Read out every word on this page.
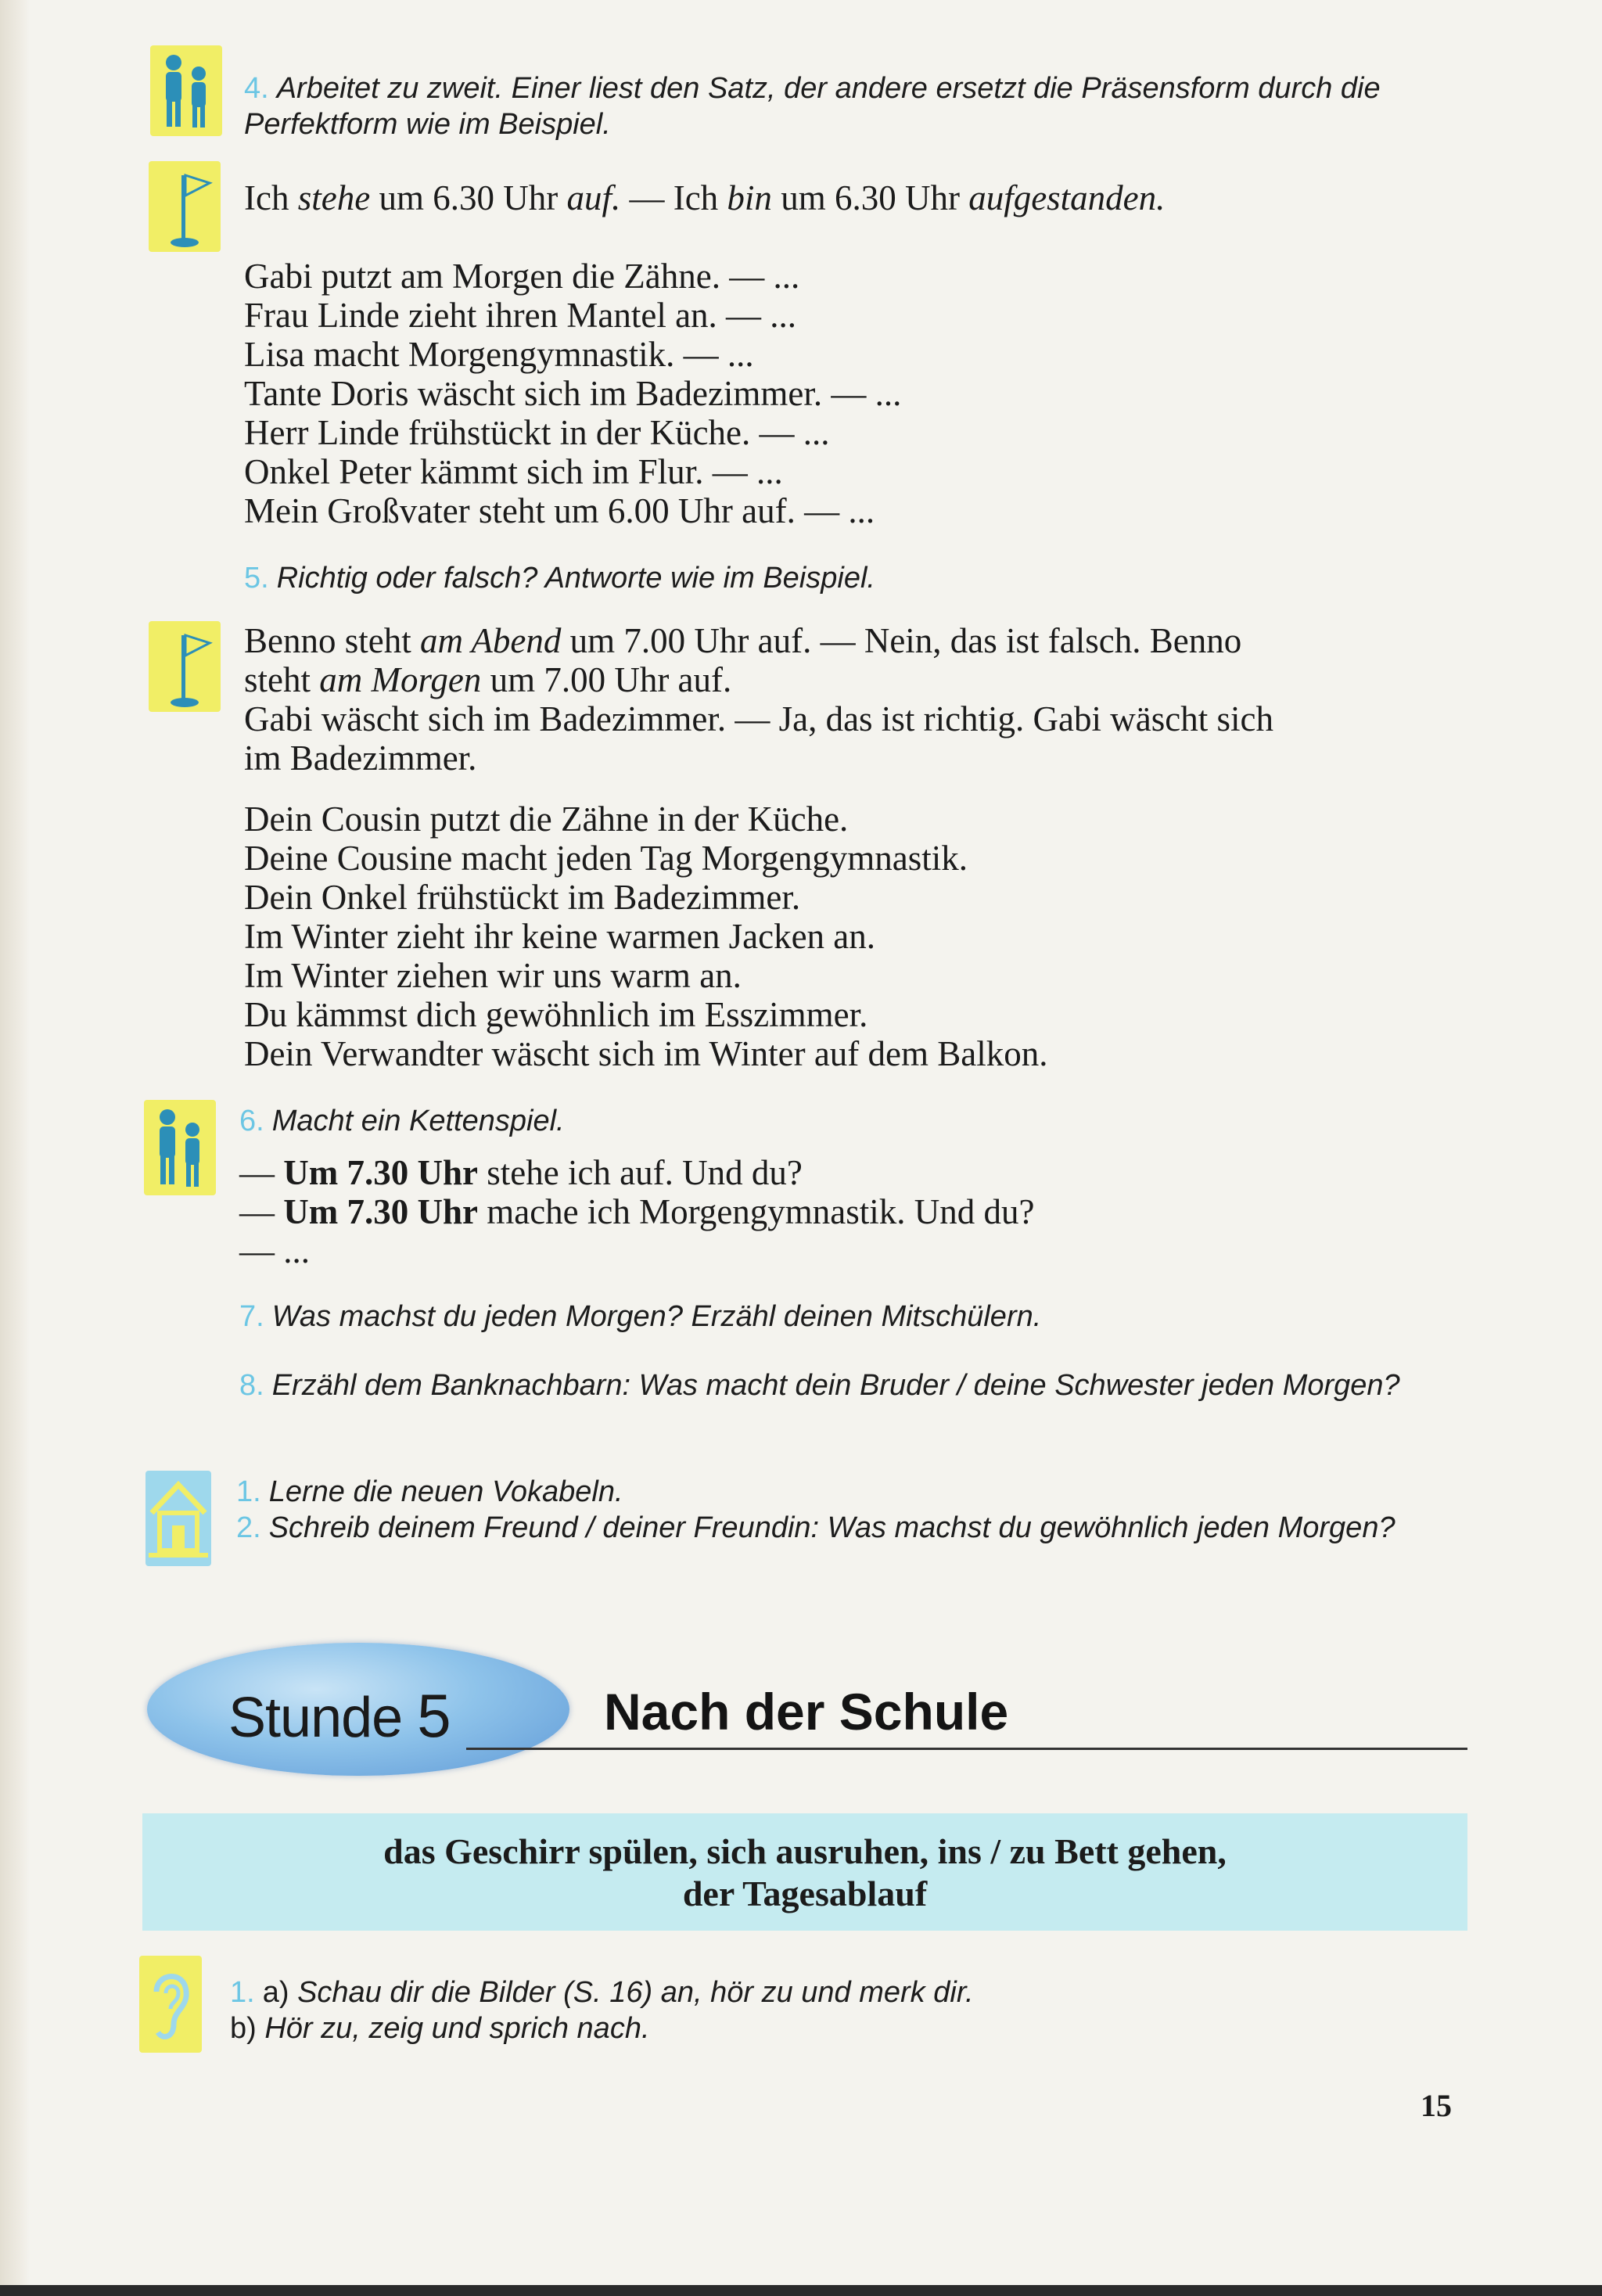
4. Arbeitet zu zweit. Einer liest den Satz, der andere ersetzt die Präsensform durch die Perfektform wie im Beispiel.
Ich stehe um 6.30 Uhr auf. — Ich bin um 6.30 Uhr aufgestanden.
Gabi putzt am Morgen die Zähne. — ...
Frau Linde zieht ihren Mantel an. — ...
Lisa macht Morgengymnastik. — ...
Tante Doris wäscht sich im Badezimmer. — ...
Herr Linde frühstückt in der Küche. — ...
Onkel Peter kämmt sich im Flur. — ...
Mein Großvater steht um 6.00 Uhr auf. — ...
5. Richtig oder falsch? Antworte wie im Beispiel.
Benno steht am Abend um 7.00 Uhr auf. — Nein, das ist falsch. Benno
steht am Morgen um 7.00 Uhr auf.
Gabi wäscht sich im Badezimmer. — Ja, das ist richtig. Gabi wäscht sich
im Badezimmer.
Dein Cousin putzt die Zähne in der Küche.
Deine Cousine macht jeden Tag Morgengymnastik.
Dein Onkel frühstückt im Badezimmer.
Im Winter zieht ihr keine warmen Jacken an.
Im Winter ziehen wir uns warm an.
Du kämmst dich gewöhnlich im Esszimmer.
Dein Verwandter wäscht sich im Winter auf dem Balkon.
6. Macht ein Kettenspiel.
— Um 7.30 Uhr stehe ich auf. Und du?
— Um 7.30 Uhr mache ich Morgengymnastik. Und du?
— ...
7. Was machst du jeden Morgen? Erzähl deinen Mitschülern.
8. Erzähl dem Banknachbarn: Was macht dein Bruder / deine Schwester jeden Morgen?
1. Lerne die neuen Vokabeln.
2. Schreib deinem Freund / deiner Freundin: Was machst du gewöhnlich jeden Morgen?
Stunde 5	Nach der Schule
das Geschirr spülen, sich ausruhen, ins / zu Bett gehen,
der Tagesablauf
1. a) Schau dir die Bilder (S. 16) an, hör zu und merk dir.
b) Hör zu, zeig und sprich nach.
15
